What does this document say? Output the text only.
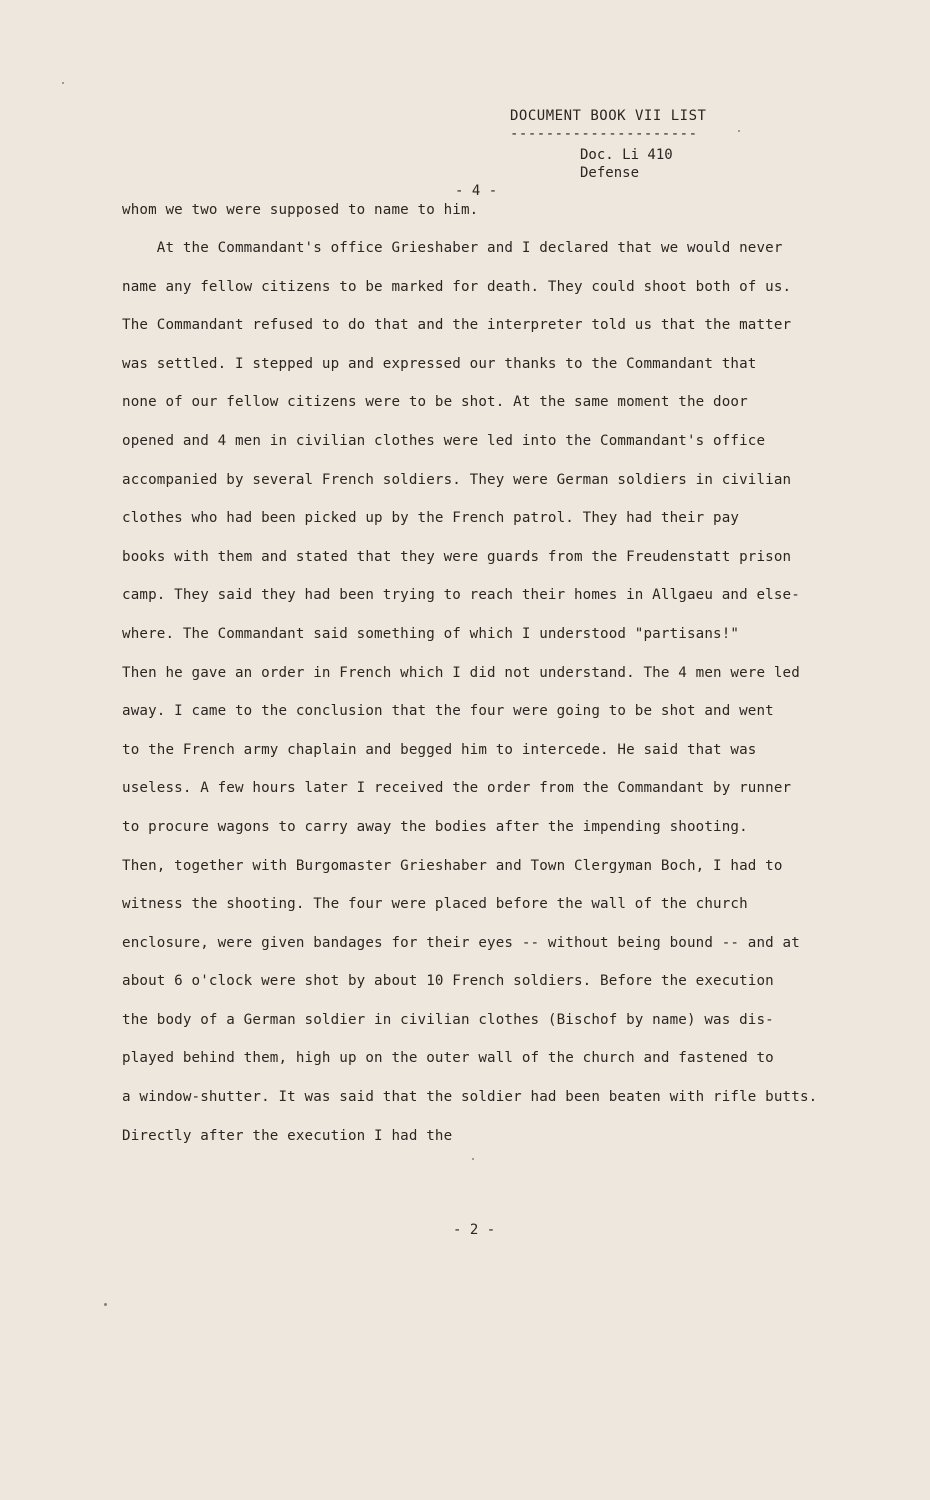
DOCUMENT BOOK VII LIST
---------------------
Doc. Li 410
Defense
- 4 -
whom we two were supposed to name to him.
At the Commandant's office Grieshaber and I declared that we would never
name any fellow citizens to be marked for death. They could shoot both of us.
The Commandant refused to do that and the interpreter told us that the matter
was settled. I stepped up and expressed our thanks to the Commandant that
none of our fellow citizens were to be shot. At the same moment the door
opened and 4 men in civilian clothes were led into the Commandant's office
accompanied by several French soldiers. They were German soldiers in civilian
clothes who had been picked up by the French patrol. They had their pay
books with them and stated that they were guards from the Freudenstatt prison
camp. They said they had been trying to reach their homes in Allgaeu and else-
where. The Commandant said something of which I understood "partisans!"
Then he gave an order in French which I did not understand. The 4 men were led
away. I came to the conclusion that the four were going to be shot and went
to the French army chaplain and begged him to intercede. He said that was
useless. A few hours later I received the order from the Commandant by runner
to procure wagons to carry away the bodies after the impending shooting.
Then, together with Burgomaster Grieshaber and Town Clergyman Boch, I had to
witness the shooting. The four were placed before the wall of the church
enclosure, were given bandages for their eyes -- without being bound -- and at
about 6 o'clock were shot by about 10 French soldiers. Before the execution
the body of a German soldier in civilian clothes (Bischof by name) was dis-
played behind them, high up on the outer wall of the church and fastened to
a window-shutter. It was said that the soldier had been beaten with rifle butts.
Directly after the execution I had the
- 2 -
